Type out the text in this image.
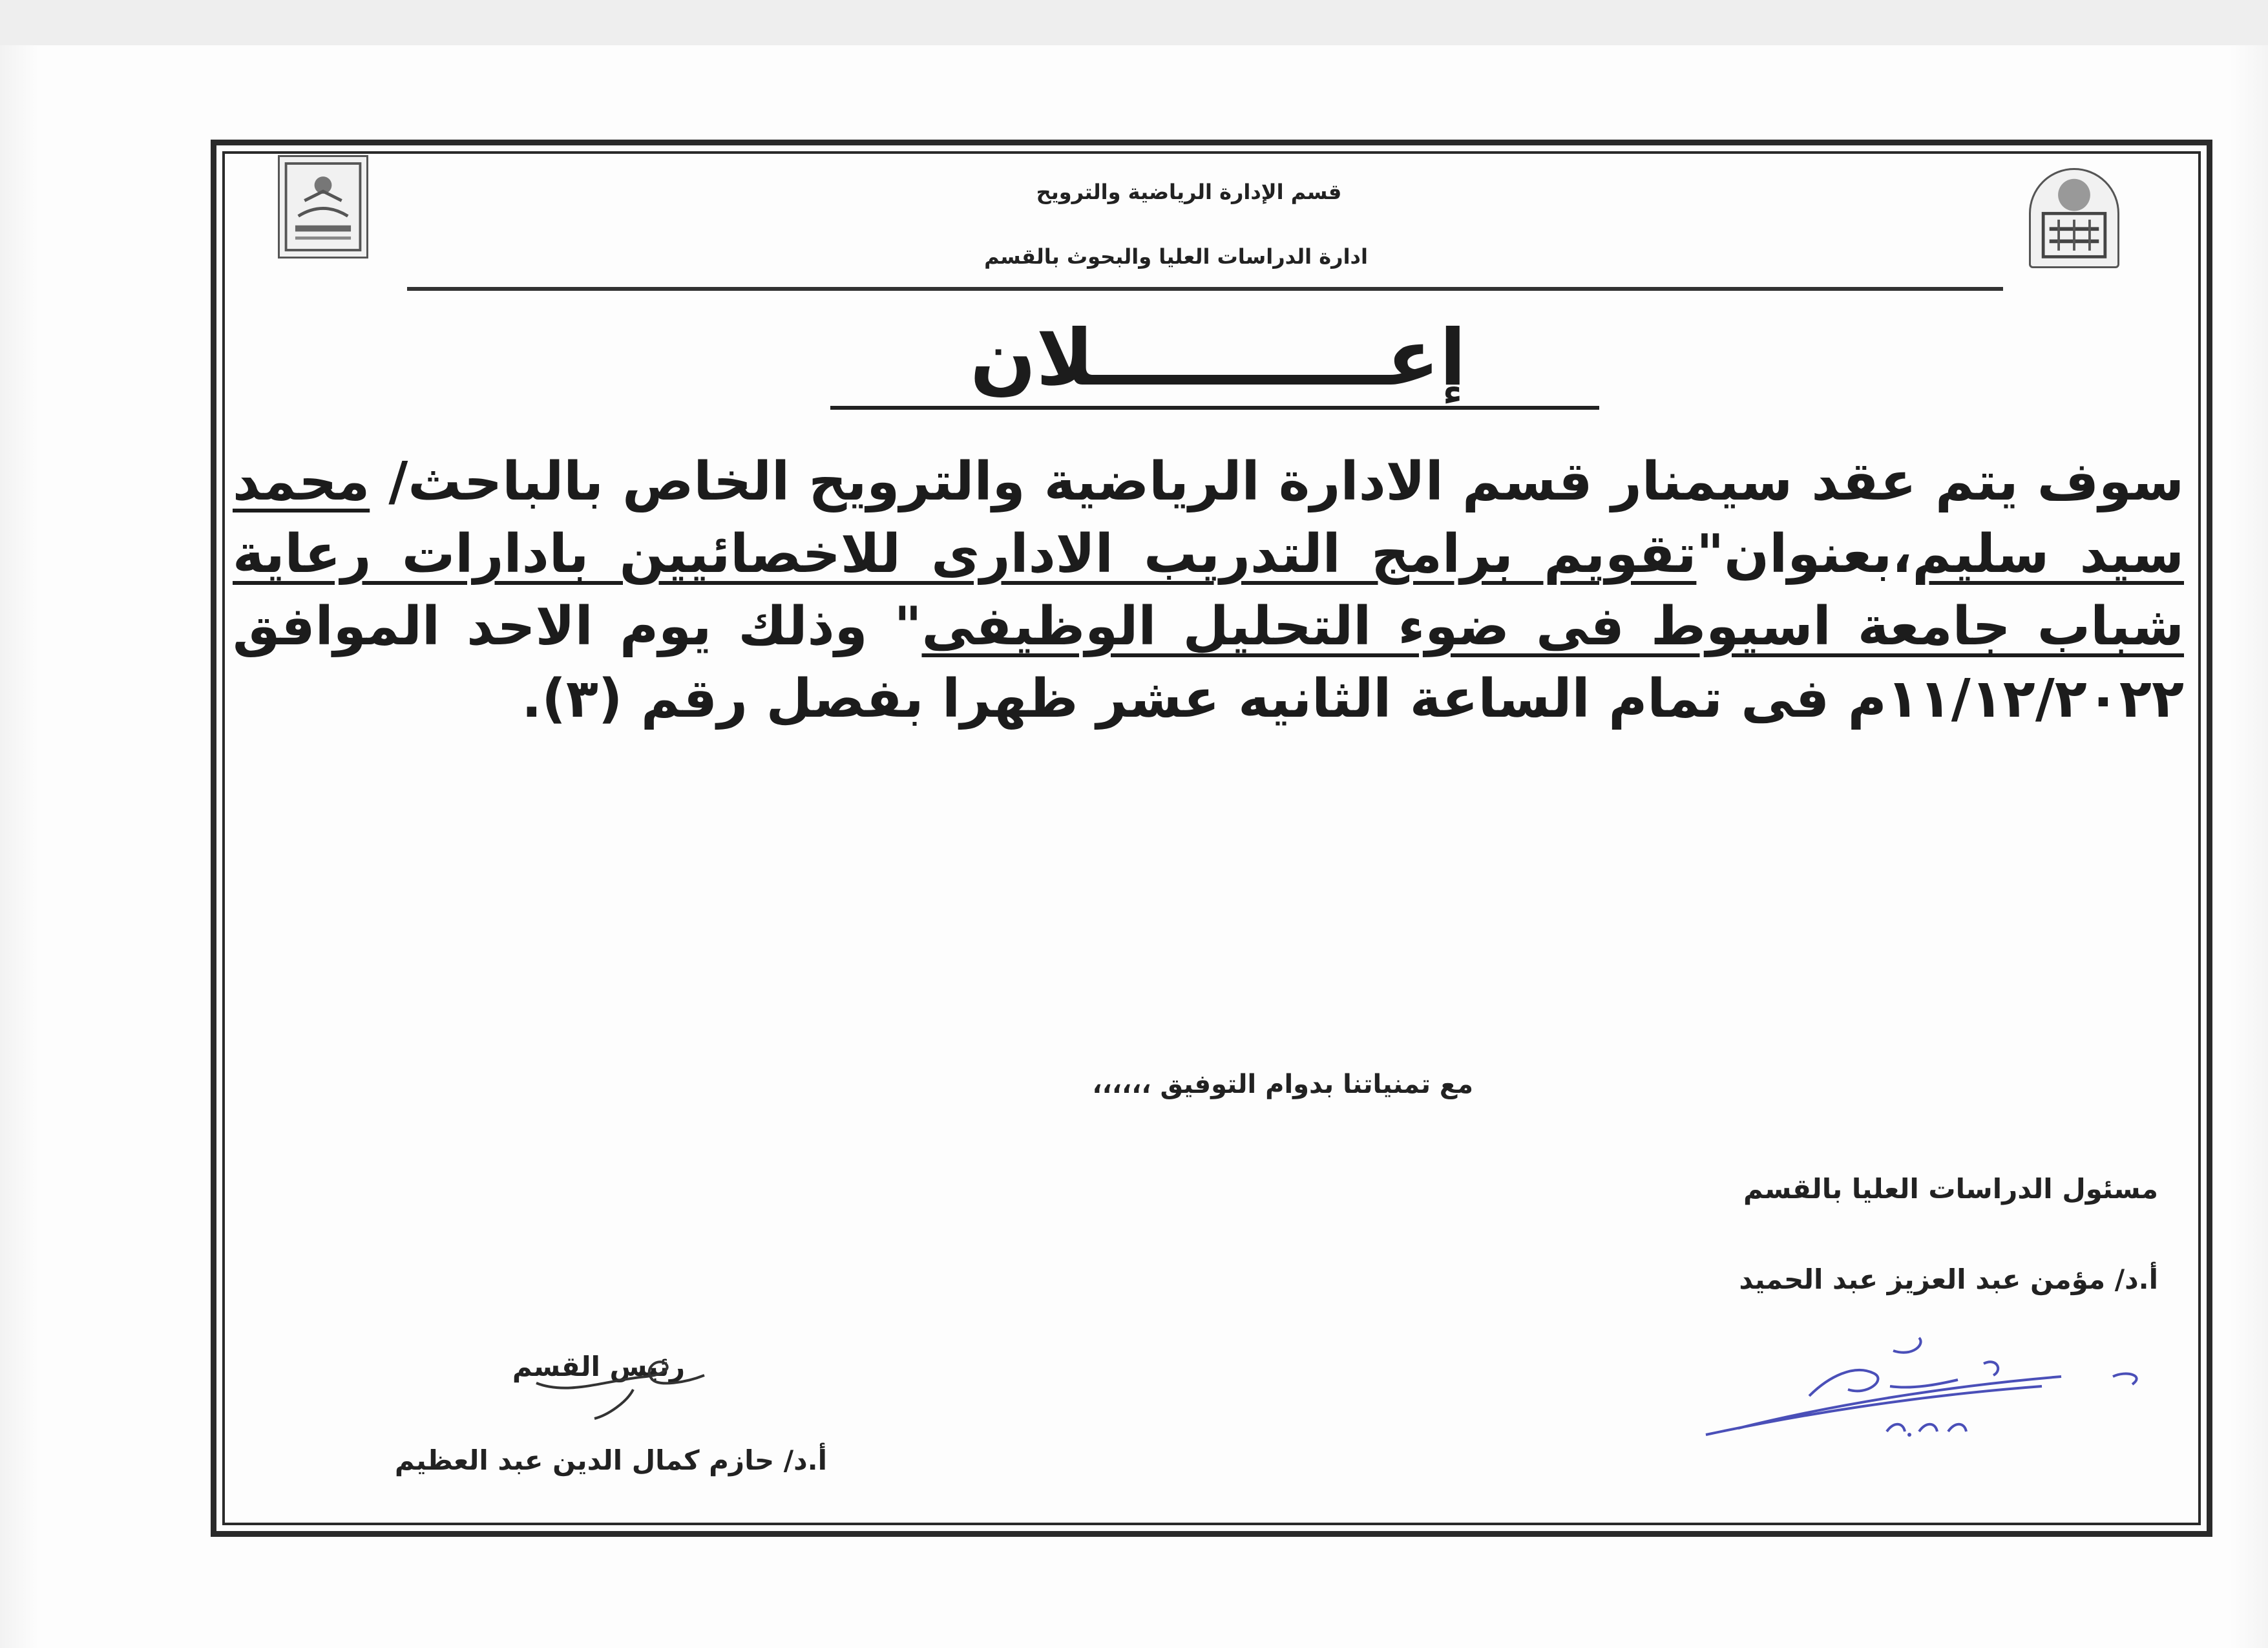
قسم الإدارة الرياضية والترويح
ادارة الدراسات العليا والبحوث بالقسم
إعـــــــــــلان
سوف يتم عقد سيمنار قسم الادارة الرياضية والترويح الخاص بالباحث/ محمد سيد سليم،بعنوان"تقويم برامج التدريب الادارى للاخصائيين بادارات رعاية شباب جامعة اسيوط فى ضوء التحليل الوظيفى" وذلك يوم الاحد الموافق ١١/١٢/٢٠٢٢م فى تمام الساعة الثانيه عشر ظهرا بفصل رقم (٣).
مع تمنياتنا بدوام التوفيق ،،،،،،
مسئول الدراسات العليا بالقسم
أ.د/ مؤمن عبد العزيز عبد الحميد
رئيس القسم
أ.د/ حازم كمال الدين عبد العظيم
